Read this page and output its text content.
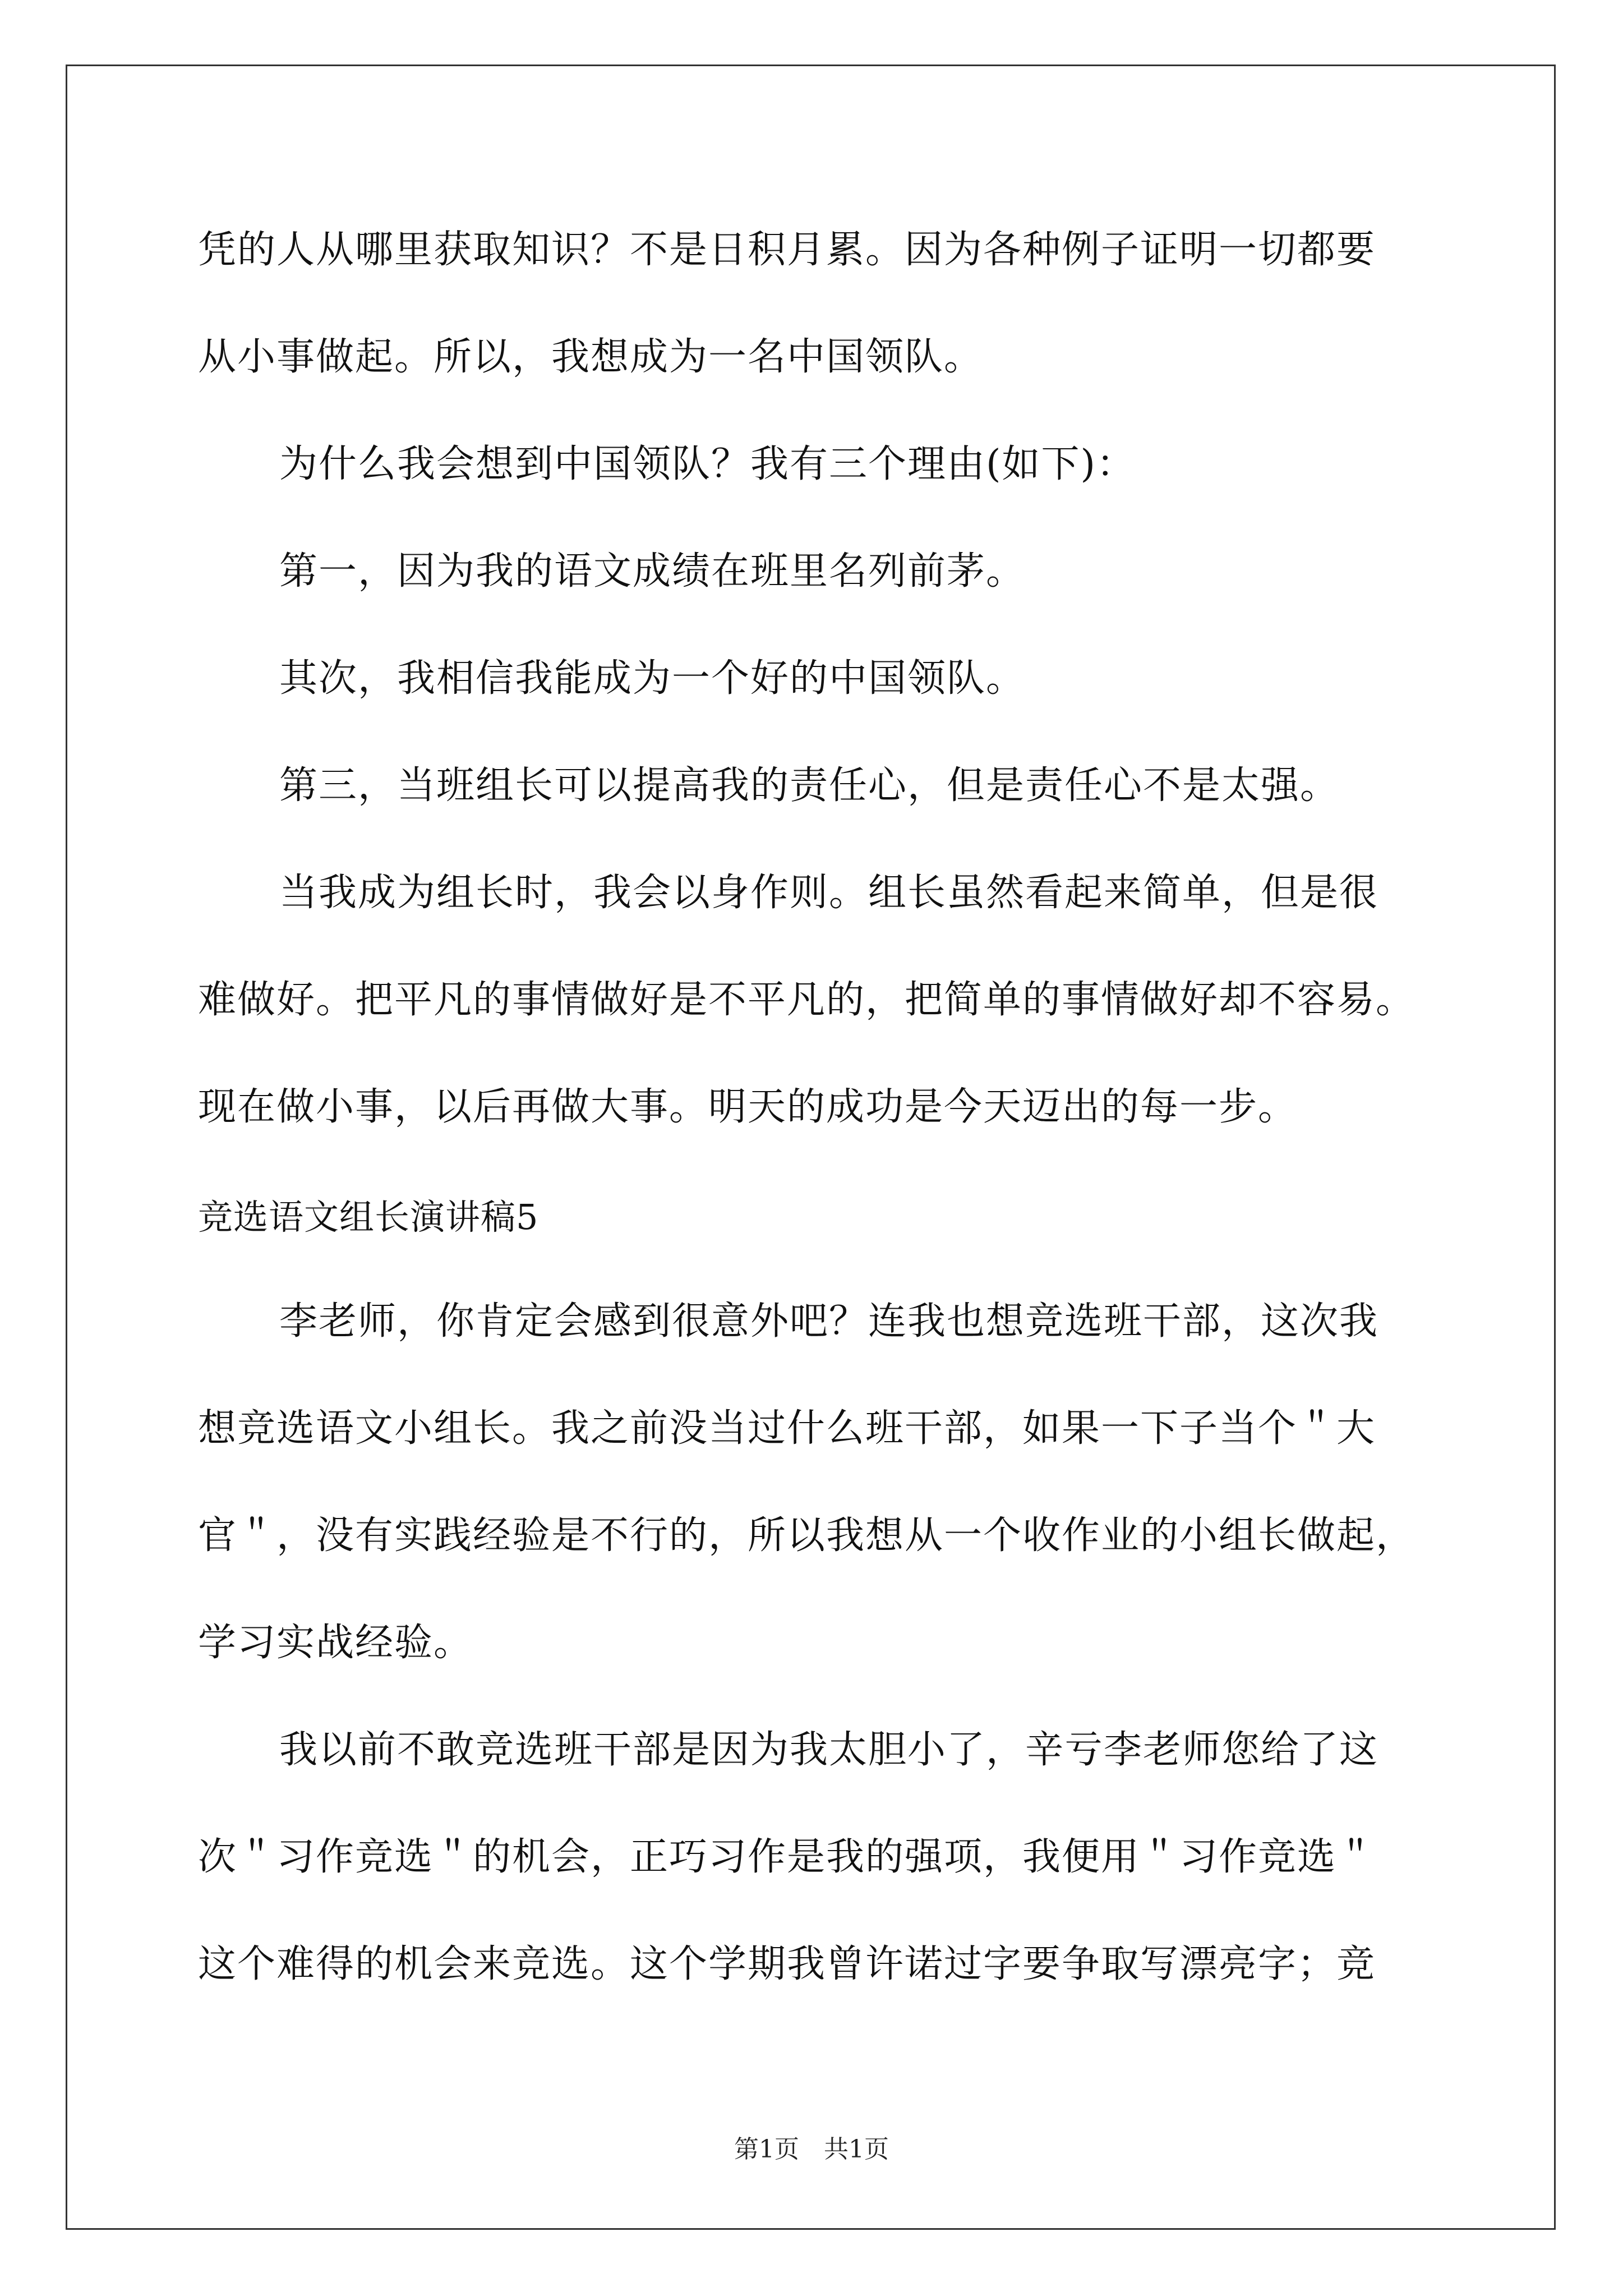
凭的人从哪里获取知识？不是日积月累。因为各种例子证明一切都要
从小事做起。所以，我想成为一名中国领队。
为什么我会想到中国领队？我有三个理由(如下)：
第一，因为我的语文成绩在班里名列前茅。
其次，我相信我能成为一个好的中国领队。
第三，当班组长可以提高我的责任心，但是责任心不是太强。
当我成为组长时，我会以身作则。组长虽然看起来简单，但是很
难做好。把平凡的事情做好是不平凡的，把简单的事情做好却不容易。
现在做小事，以后再做大事。明天的成功是今天迈出的每一步。
竞选语文组长演讲稿5
李老师，你肯定会感到很意外吧？连我也想竞选班干部，这次我
想竞选语文小组长。我之前没当过什么班干部，如果一下子当个＂大
官＂，没有实践经验是不行的，所以我想从一个收作业的小组长做起，
学习实战经验。
我以前不敢竞选班干部是因为我太胆小了，辛亏李老师您给了这
次＂习作竞选＂的机会，正巧习作是我的强项，我便用＂习作竞选＂
这个难得的机会来竞选。这个学期我曾许诺过字要争取写漂亮字；竞
第1页　共1页
